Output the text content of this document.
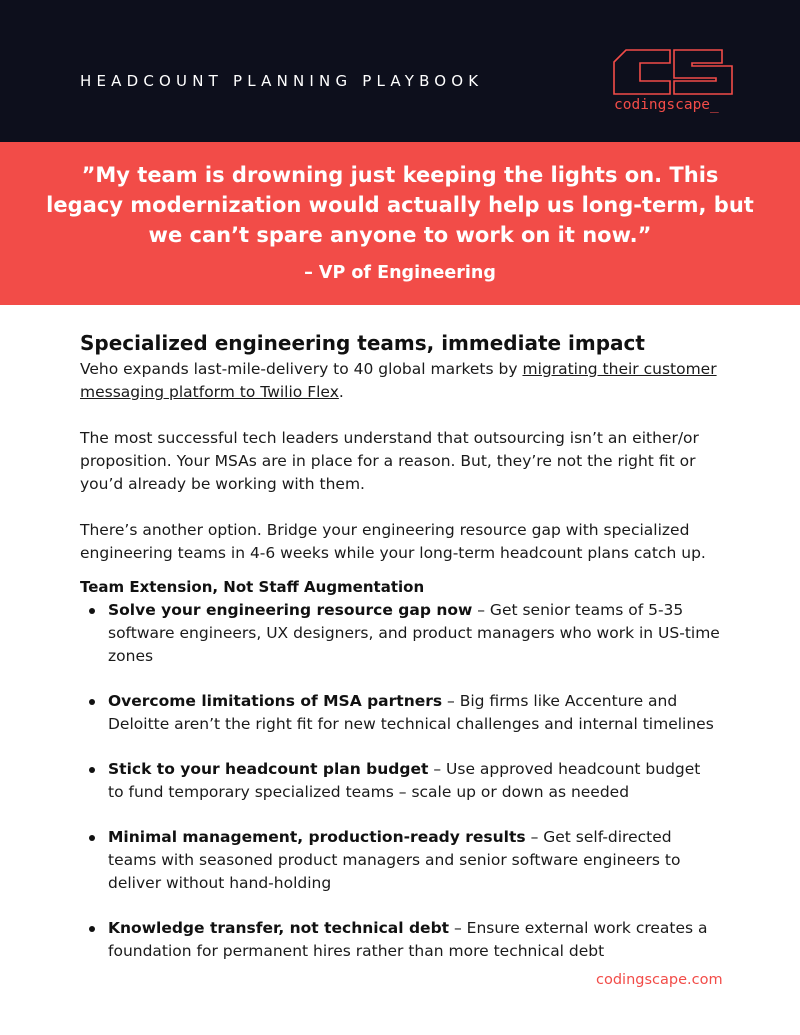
HEADCOUNT PLANNING PLAYBOOK
codingscape_
”My team is drowning just keeping the lights on. This legacy modernization would actually help us long-term, but we can’t spare anyone to work on it now.”
– VP of Engineering
Specialized engineering teams, immediate impact

Veho expands last-mile-delivery to 40 global markets by migrating their customer messaging platform to Twilio Flex.

The most successful tech leaders understand that outsourcing isn’t an either/or proposition. Your MSAs are in place for a reason. But, they’re not the right fit or you’d already be working with them.

There’s another option. Bridge your engineering resource gap with specialized engineering teams in 4-6 weeks while your long-term headcount plans catch up.

Team Extension, Not Staff Augmentation
Solve your engineering resource gap now – Get senior teams of 5-35 software engineers, UX designers, and product managers who work in US-time zones
Overcome limitations of MSA partners – Big firms like Accenture and Deloitte aren’t the right fit for new technical challenges and internal timelines
Stick to your headcount plan budget – Use approved headcount budget to fund temporary specialized teams – scale up or down as needed
Minimal management, production-ready results – Get self-directed teams with seasoned product managers and senior software engineers to deliver without hand-holding
Knowledge transfer, not technical debt – Ensure external work creates a foundation for permanent hires rather than more technical debt
codingscape.com
